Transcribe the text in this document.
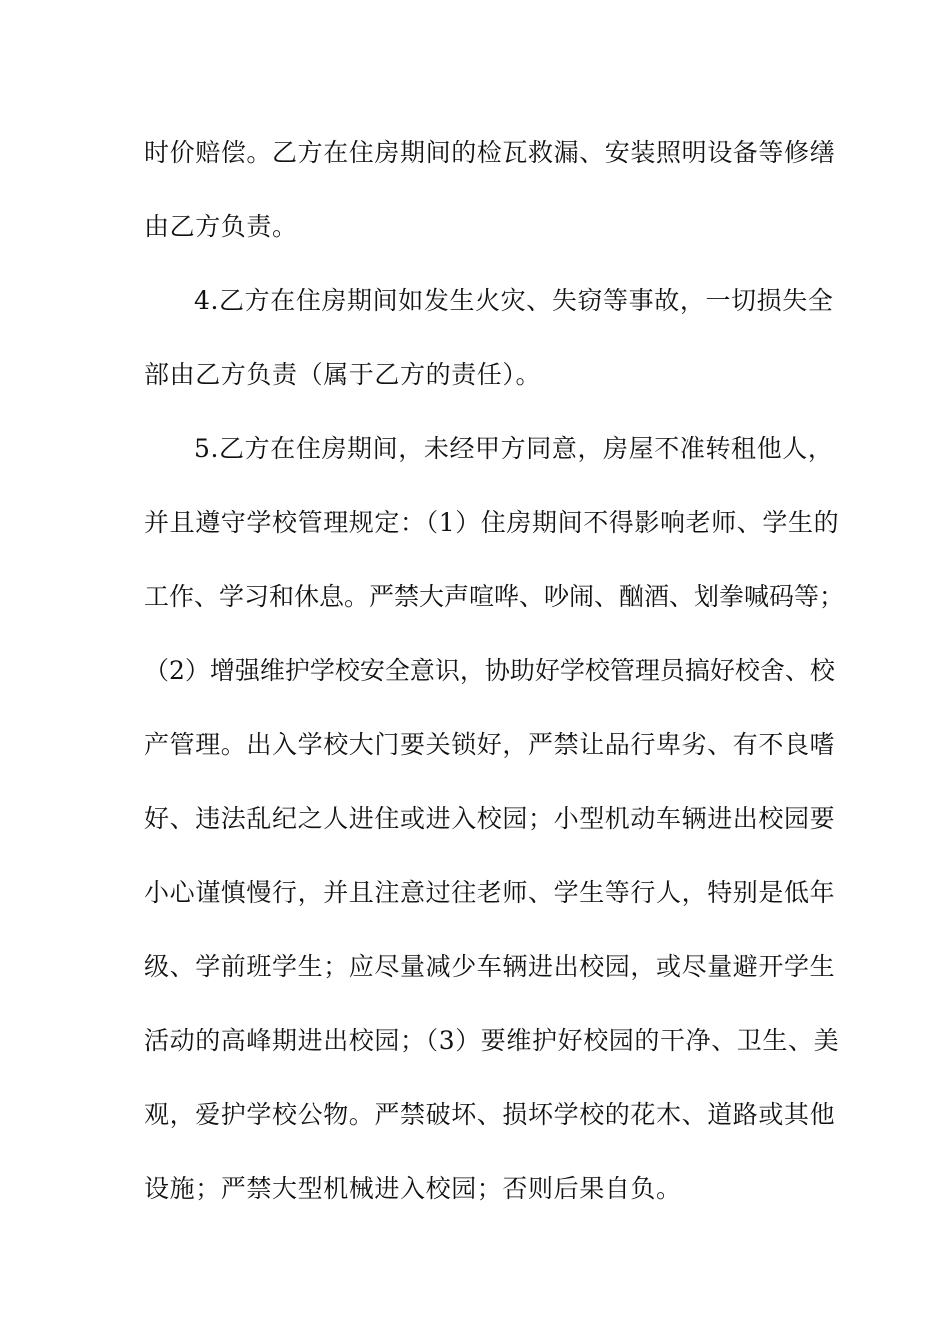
时价赔偿。乙方在住房期间的检瓦救漏、安装照明设备等修缮
由乙方负责。
4.乙方在住房期间如发生火灾、失窃等事故，一切损失全
部由乙方负责（属于乙方的责任）。
5.乙方在住房期间，未经甲方同意，房屋不准转租他人，
并且遵守学校管理规定：（1）住房期间不得影响老师、学生的
工作、学习和休息。严禁大声喧哗、吵闹、酗酒、划拳喊码等；
（2）增强维护学校安全意识，协助好学校管理员搞好校舍、校
产管理。出入学校大门要关锁好，严禁让品行卑劣、有不良嗜
好、违法乱纪之人进住或进入校园；小型机动车辆进出校园要
小心谨慎慢行，并且注意过往老师、学生等行人，特别是低年
级、学前班学生；应尽量减少车辆进出校园，或尽量避开学生
活动的高峰期进出校园；（3）要维护好校园的干净、卫生、美
观，爱护学校公物。严禁破坏、损坏学校的花木、道路或其他
设施；严禁大型机械进入校园；否则后果自负。
